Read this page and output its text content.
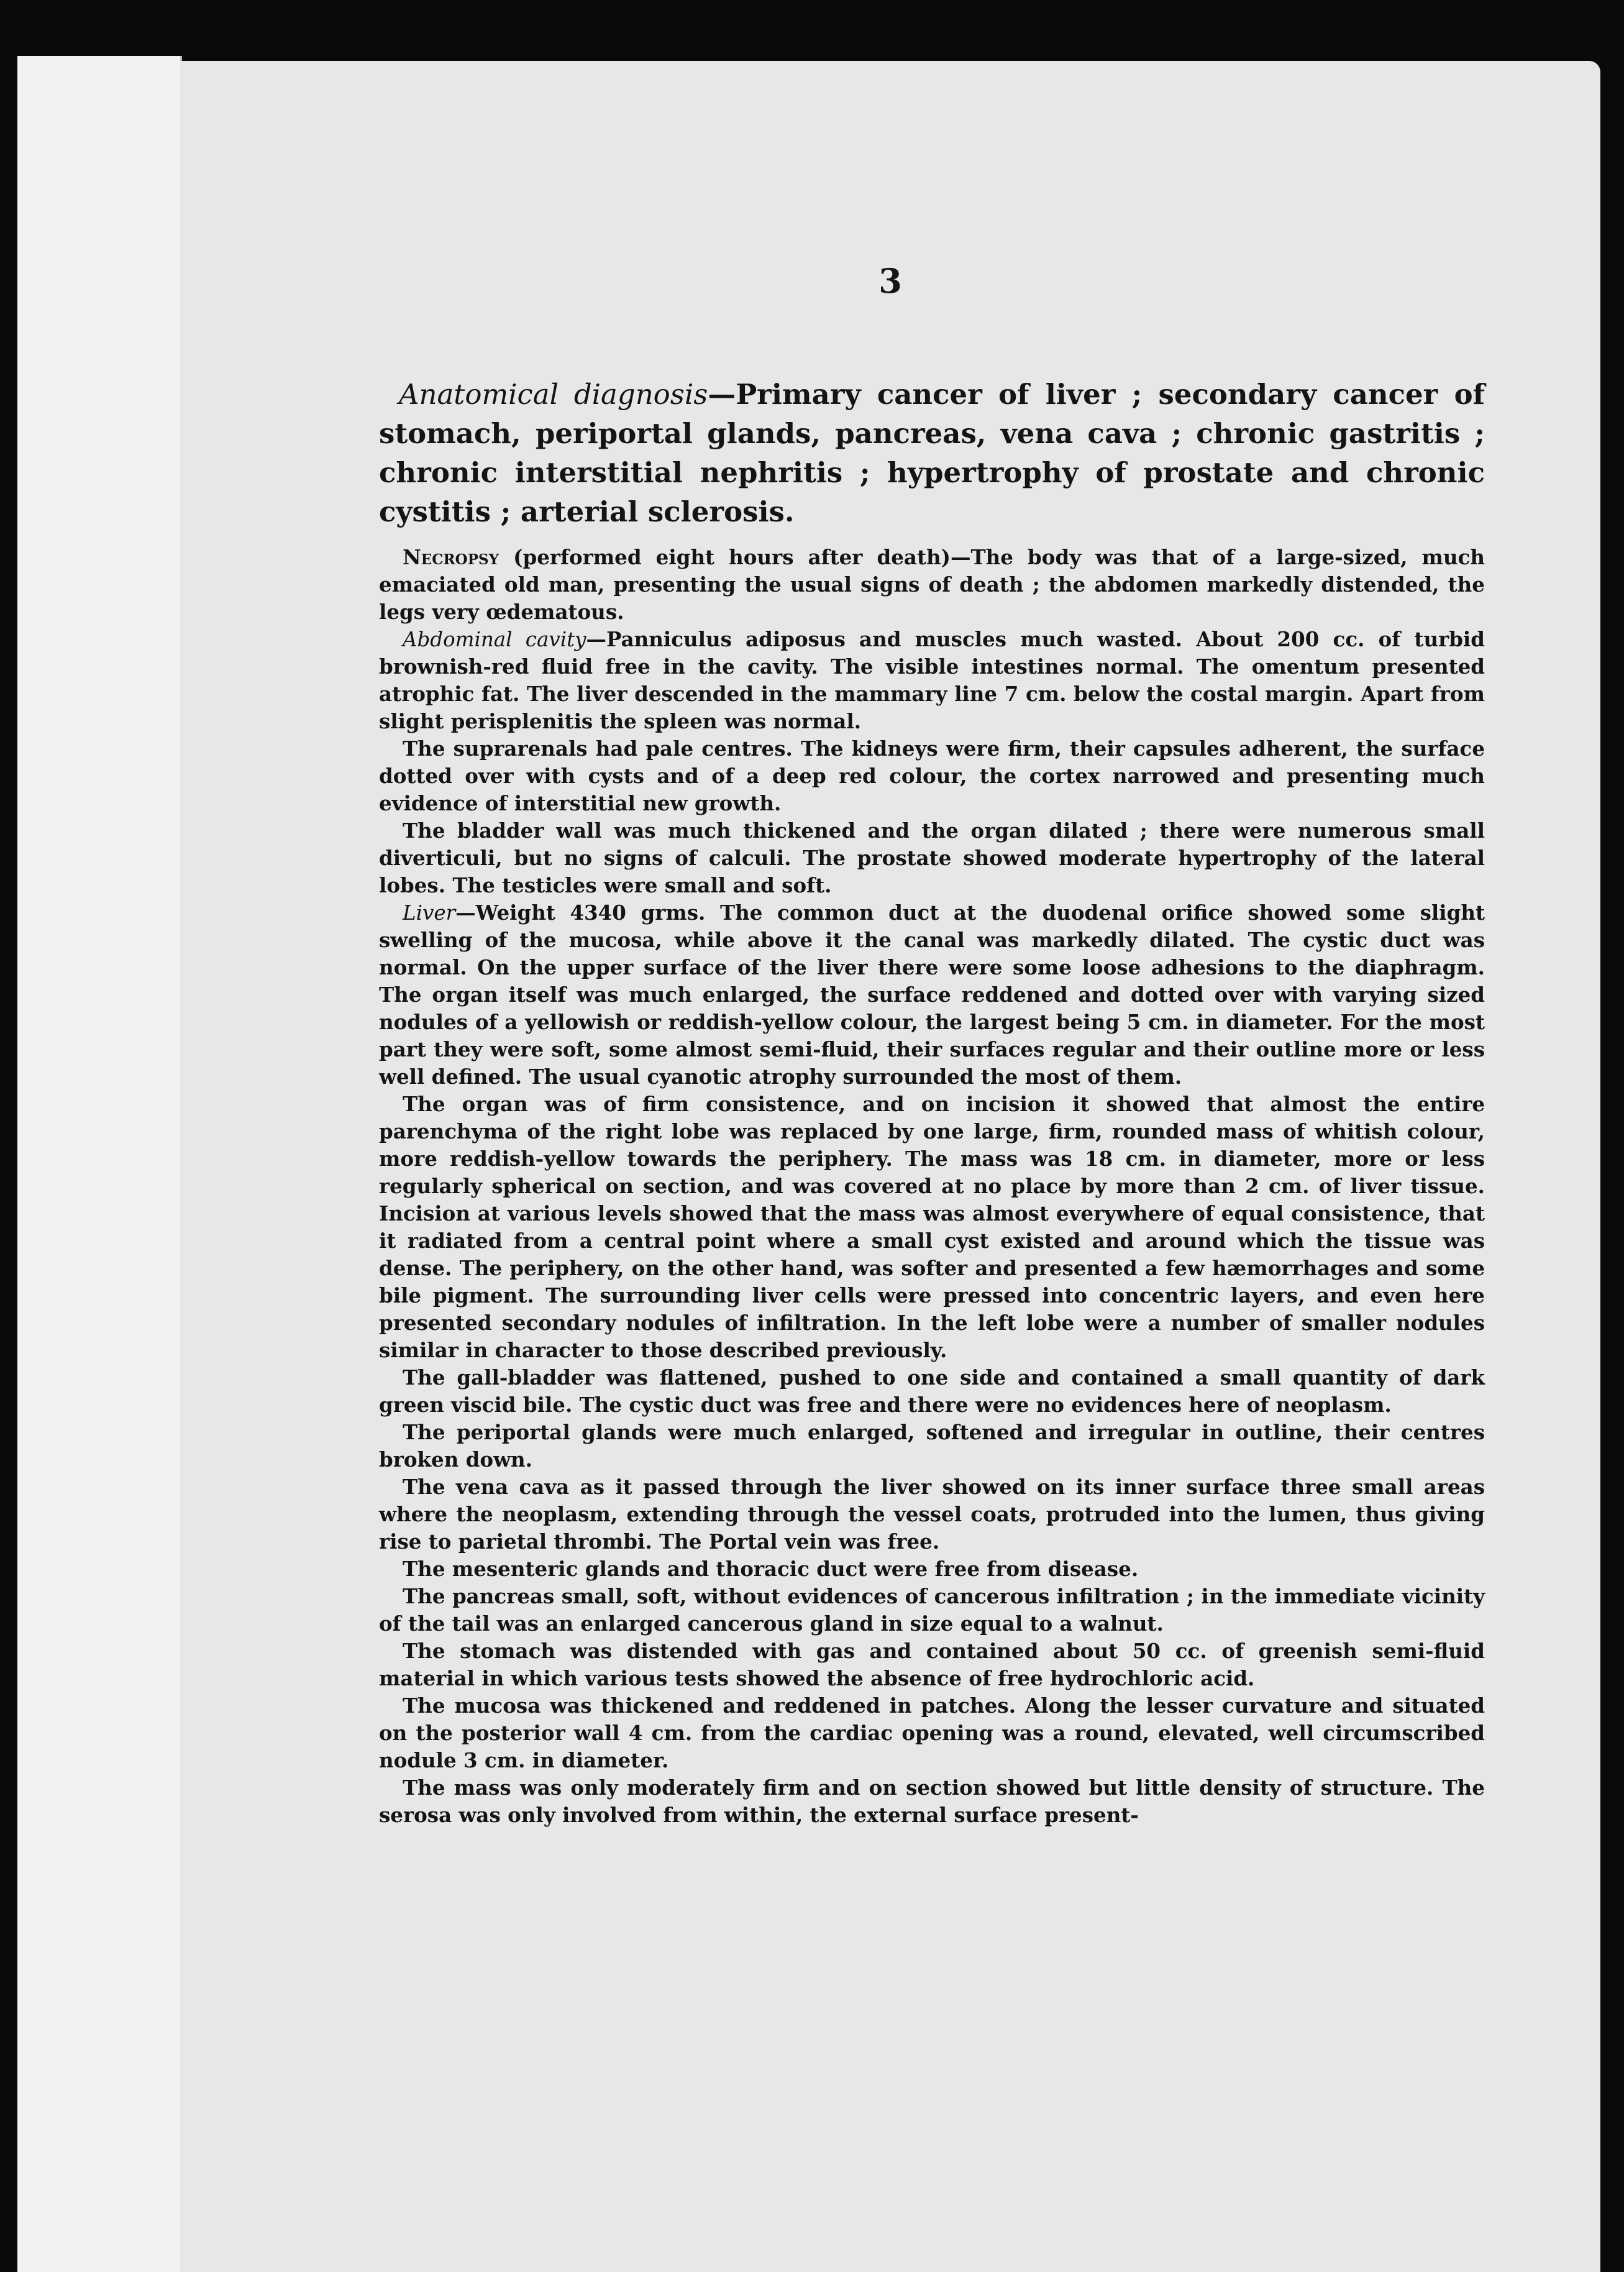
3

Anatomical diagnosis—Primary cancer of liver ; secondary cancer of stomach, periportal glands, pancreas, vena cava ; chronic gastritis ; chronic interstitial nephritis ; hypertrophy of prostate and chronic cystitis ; arterial sclerosis.

Necropsy (performed eight hours after death)—The body was that of a large-sized, much emaciated old man, presenting the usual signs of death ; the abdomen markedly distended, the legs very œdematous.

Abdominal cavity—Panniculus adiposus and muscles much wasted. About 200 cc. of turbid brownish-red fluid free in the cavity. The visible intestines normal. The omentum presented atrophic fat. The liver descended in the mammary line 7 cm. below the costal margin. Apart from slight perisplenitis the spleen was normal.

The suprarenals had pale centres. The kidneys were firm, their capsules adherent, the surface dotted over with cysts and of a deep red colour, the cortex narrowed and presenting much evidence of interstitial new growth.

The bladder wall was much thickened and the organ dilated ; there were numerous small diverticuli, but no signs of calculi. The prostate showed moderate hypertrophy of the lateral lobes. The testicles were small and soft.

Liver—Weight 4340 grms. The common duct at the duodenal orifice showed some slight swelling of the mucosa, while above it the canal was markedly dilated. The cystic duct was normal. On the upper surface of the liver there were some loose adhesions to the diaphragm. The organ itself was much enlarged, the surface reddened and dotted over with varying sized nodules of a yellowish or reddish-yellow colour, the largest being 5 cm. in diameter. For the most part they were soft, some almost semi-fluid, their surfaces regular and their outline more or less well defined. The usual cyanotic atrophy surrounded the most of them.

The organ was of firm consistence, and on incision it showed that almost the entire parenchyma of the right lobe was replaced by one large, firm, rounded mass of whitish colour, more reddish-yellow towards the periphery. The mass was 18 cm. in diameter, more or less regularly spherical on section, and was covered at no place by more than 2 cm. of liver tissue. Incision at various levels showed that the mass was almost everywhere of equal consistence, that it radiated from a central point where a small cyst existed and around which the tissue was dense. The periphery, on the other hand, was softer and presented a few hæmorrhages and some bile pigment. The surrounding liver cells were pressed into concentric layers, and even here presented secondary nodules of infiltration. In the left lobe were a number of smaller nodules similar in character to those described previously.

The gall-bladder was flattened, pushed to one side and contained a small quantity of dark green viscid bile. The cystic duct was free and there were no evidences here of neoplasm.

The periportal glands were much enlarged, softened and irregular in outline, their centres broken down.

The vena cava as it passed through the liver showed on its inner surface three small areas where the neoplasm, extending through the vessel coats, protruded into the lumen, thus giving rise to parietal thrombi. The Portal vein was free.

The mesenteric glands and thoracic duct were free from disease.

The pancreas small, soft, without evidences of cancerous infiltration ; in the immediate vicinity of the tail was an enlarged cancerous gland in size equal to a walnut.

The stomach was distended with gas and contained about 50 cc. of greenish semi-fluid material in which various tests showed the absence of free hydrochloric acid.

The mucosa was thickened and reddened in patches. Along the lesser curvature and situated on the posterior wall 4 cm. from the cardiac opening was a round, elevated, well circumscribed nodule 3 cm. in diameter.

The mass was only moderately firm and on section showed but little density of structure. The serosa was only involved from within, the external surface present-
